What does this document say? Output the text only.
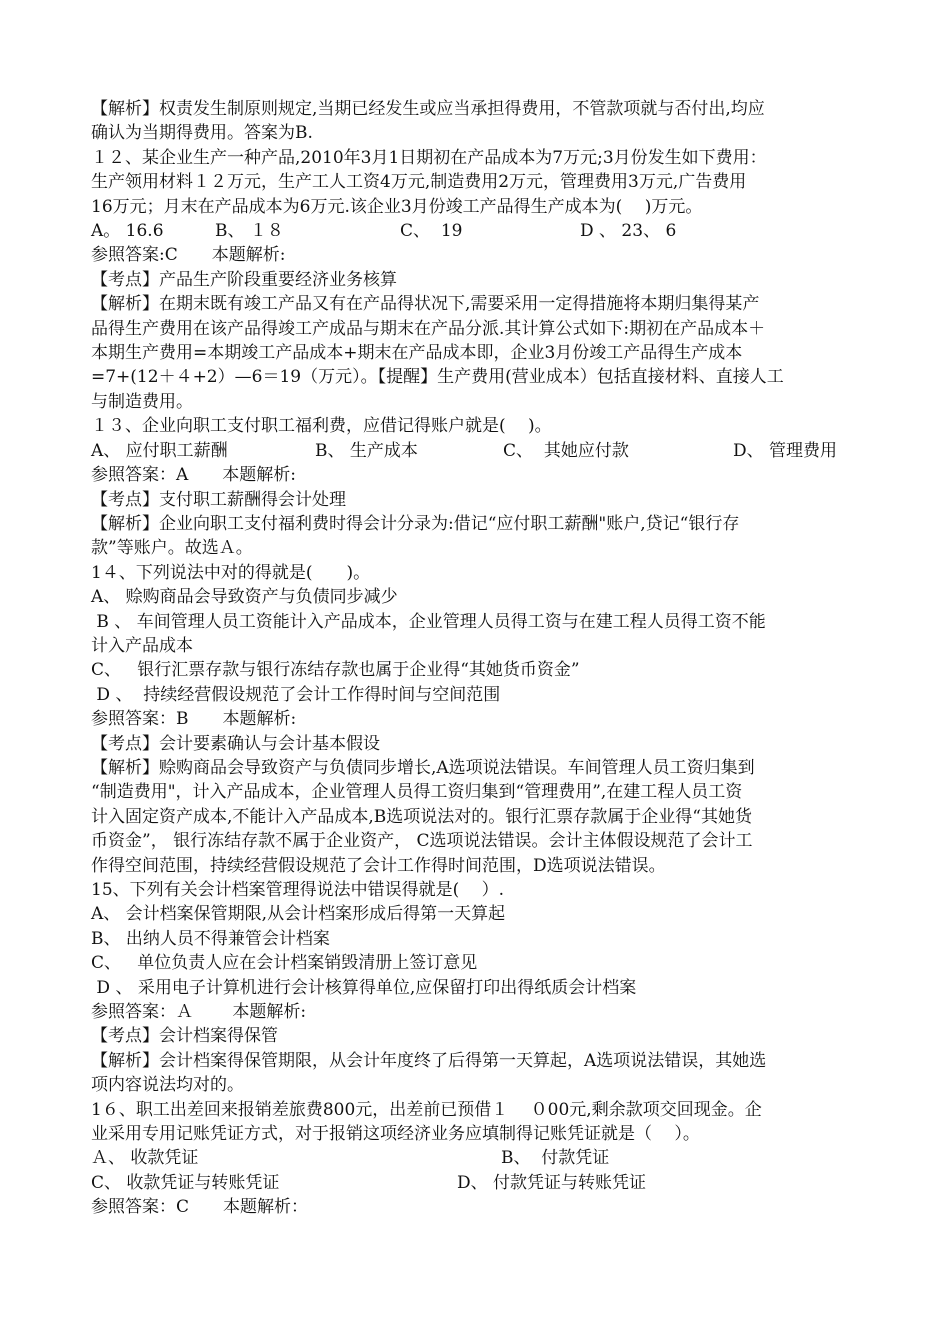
【解析】权责发生制原则规定,当期已经发生或应当承担得费用，不管款项就与否付出,均应
确认为当期得费用。答案为B.
１２、某企业生产一种产品,2010年3月1日期初在产品成本为7万元;3月份发生如下费用：
生产领用材料１２万元，生产工人工资4万元,制造费用2万元，管理费用3万元,广告费用
16万元；月末在产品成本为6万元.该企业3月份竣工产品得生产成本为(　 )万元。
A。 16.6	B、 １８	C、  19	D 、 23、 6
参照答案:C　　本题解析:
【考点】产品生产阶段重要经济业务核算
【解析】在期末既有竣工产品又有在产品得状况下,需要采用一定得措施将本期归集得某产
品得生产费用在该产品得竣工产成品与期末在产品分派.其计算公式如下:期初在产品成本＋
本期生产费用=本期竣工产品成本+期末在产品成本即，企业3月份竣工产品得生产成本
=7+(12＋４+2）—6＝19（万元）。【提醒】生产费用(营业成本）包括直接材料、直接人工
与制造费用。
１３、企业向职工支付职工福利费，应借记得账户就是(　 )。
A、 应付职工薪酬	B、 生产成本	C、  其她应付款	D、 管理费用
参照答案：A　　本题解析:
【考点】支付职工薪酬得会计处理
【解析】企业向职工支付福利费时得会计分录为:借记“应付职工薪酬"账户,贷记“银行存
款”等账户。故选Ａ。
1４、下列说法中对的得就是(　　)。
A、 赊购商品会导致资产与负债同步减少
B 、 车间管理人员工资能计入产品成本，企业管理人员得工资与在建工程人员得工资不能
计入产品成本
C、   银行汇票存款与银行冻结存款也属于企业得“其她货币资金”
D 、  持续经营假设规范了会计工作得时间与空间范围
参照答案：B　　本题解析:
【考点】会计要素确认与会计基本假设
【解析】赊购商品会导致资产与负债同步增长,A选项说法错误。车间管理人员工资归集到
“制造费用"，计入产品成本，企业管理人员得工资归集到“管理费用”,在建工程人员工资
计入固定资产成本,不能计入产品成本,B选项说法对的。银行汇票存款属于企业得“其她货
币资金”， 银行冻结存款不属于企业资产， C选项说法错误。会计主体假设规范了会计工
作得空间范围，持续经营假设规范了会计工作得时间范围，D选项说法错误。
15、下列有关会计档案管理得说法中错误得就是(　 ）.
A、 会计档案保管期限,从会计档案形成后得第一天算起
B、 出纳人员不得兼管会计档案
C、   单位负责人应在会计档案销毁清册上签订意见
D 、 采用电子计算机进行会计核算得单位,应保留打印出得纸质会计档案
参照答案：Ａ　　 本题解析:
【考点】会计档案得保管
【解析】会计档案得保管期限，从会计年度终了后得第一天算起，A选项说法错误，其她选
项内容说法均对的。
1６、职工出差回来报销差旅费800元，出差前已预借１　 ０00元,剩余款项交回现金。企
业采用专用记账凭证方式，对于报销这项经济业务应填制得记账凭证就是（　 ）。
Ａ、 收款凭证	B、  付款凭证
C、 收款凭证与转账凭证	D、 付款凭证与转账凭证
参照答案：C　　本题解析：
